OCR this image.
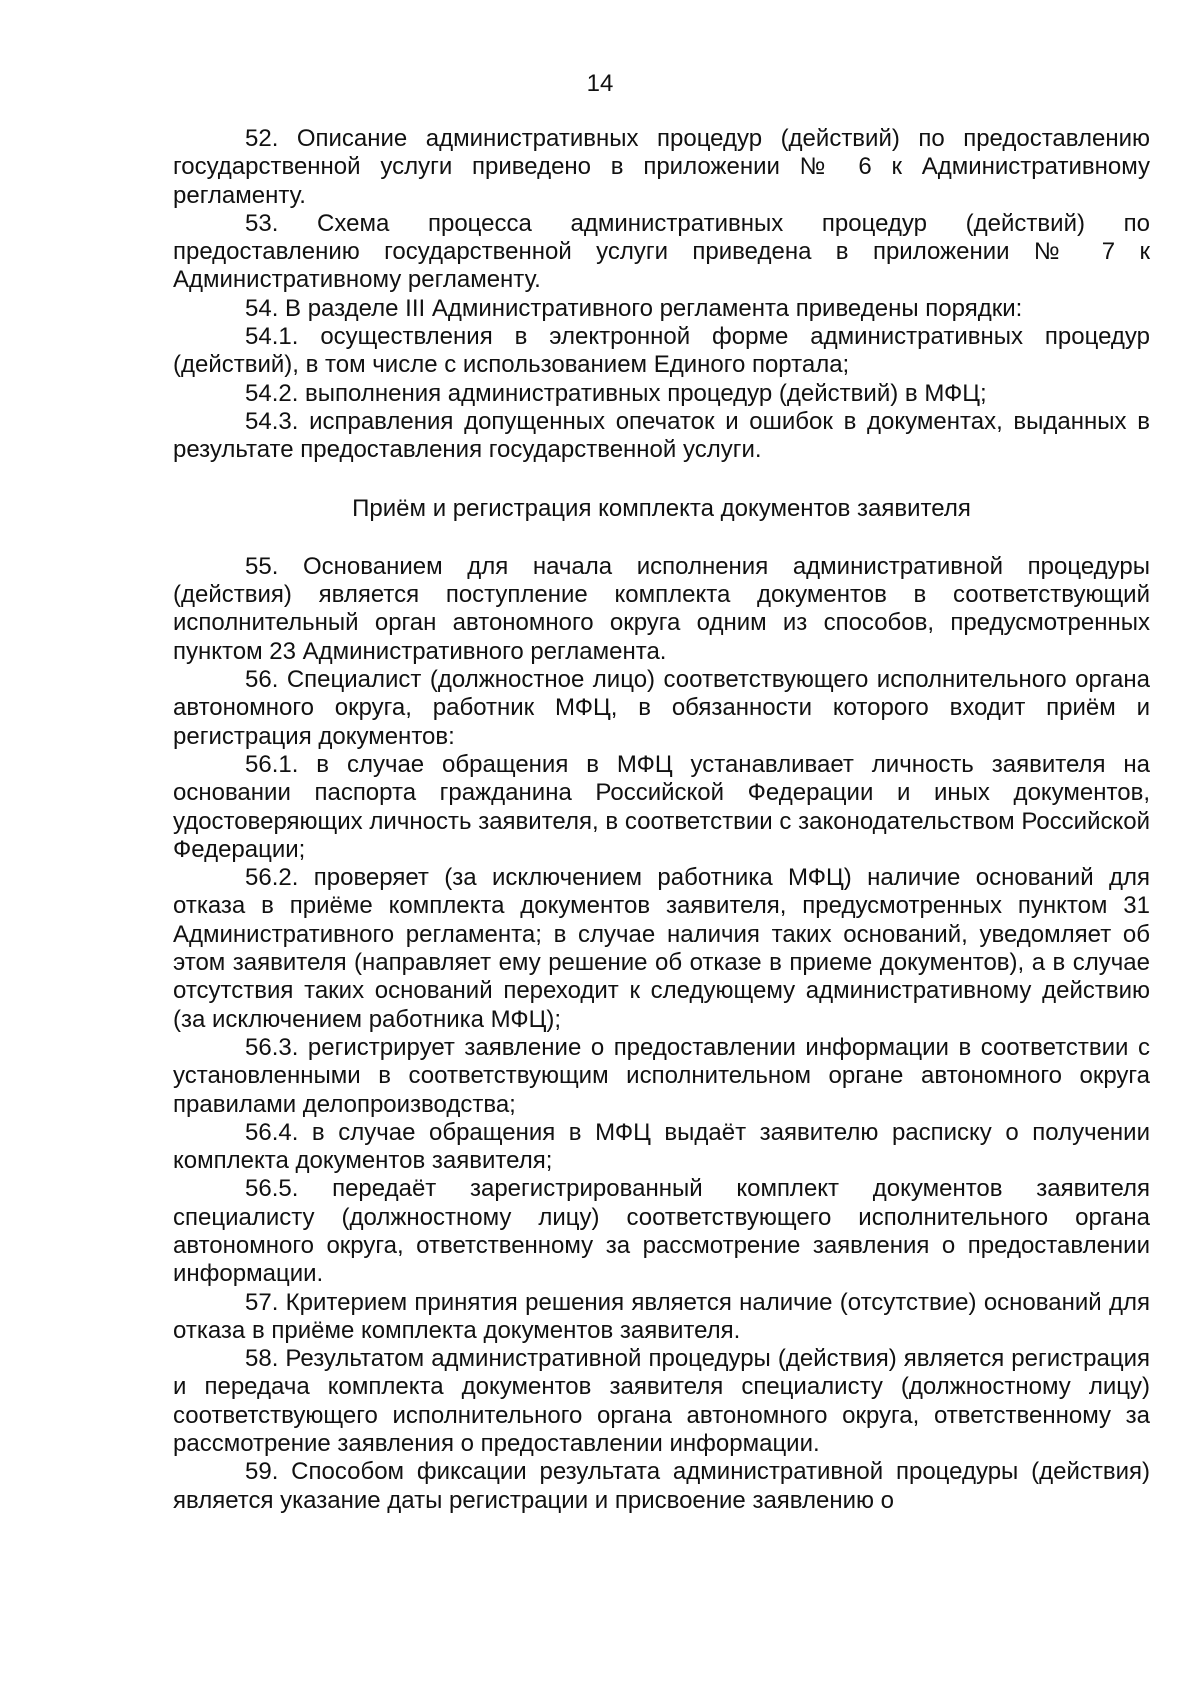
14

52. Описание административных процедур (действий) по предоставлению государственной услуги приведено в приложении № 6 к Административному регламенту.

53. Схема процесса административных процедур (действий) по предоставлению государственной услуги приведена в приложении № 7 к Административному регламенту.

54. В разделе III Административного регламента приведены порядки:

54.1. осуществления в электронной форме административных процедур (действий), в том числе с использованием Единого портала;

54.2. выполнения административных процедур (действий) в МФЦ;

54.3. исправления допущенных опечаток и ошибок в документах, выданных в результате предоставления государственной услуги.

Приём и регистрация комплекта документов заявителя

55. Основанием для начала исполнения административной процедуры (действия) является поступление комплекта документов в соответствующий исполнительный орган автономного округа одним из способов, предусмотренных пунктом 23 Административного регламента.

56. Специалист (должностное лицо) соответствующего исполнительного органа автономного округа, работник МФЦ, в обязанности которого входит приём и регистрация документов:

56.1. в случае обращения в МФЦ устанавливает личность заявителя на основании паспорта гражданина Российской Федерации и иных документов, удостоверяющих личность заявителя, в соответствии с законодательством Российской Федерации;

56.2. проверяет (за исключением работника МФЦ) наличие оснований для отказа в приёме комплекта документов заявителя, предусмотренных пунктом 31 Административного регламента; в случае наличия таких оснований, уведомляет об этом заявителя (направляет ему решение об отказе в приеме документов), а в случае отсутствия таких оснований переходит к следующему административному действию (за исключением работника МФЦ);

56.3. регистрирует заявление о предоставлении информации в соответствии с установленными в соответствующим исполнительном органе автономного округа правилами делопроизводства;

56.4. в случае обращения в МФЦ выдаёт заявителю расписку о получении комплекта документов заявителя;

56.5. передаёт зарегистрированный комплект документов заявителя специалисту (должностному лицу) соответствующего исполнительного органа автономного округа, ответственному за рассмотрение заявления о предоставлении информации.

57. Критерием принятия решения является наличие (отсутствие) оснований для отказа в приёме комплекта документов заявителя.

58. Результатом административной процедуры (действия) является регистрация и передача комплекта документов заявителя специалисту (должностному лицу) соответствующего исполнительного органа автономного округа, ответственному за рассмотрение заявления о предоставлении информации.

59. Способом фиксации результата административной процедуры (действия) является указание даты регистрации и присвоение заявлению о
